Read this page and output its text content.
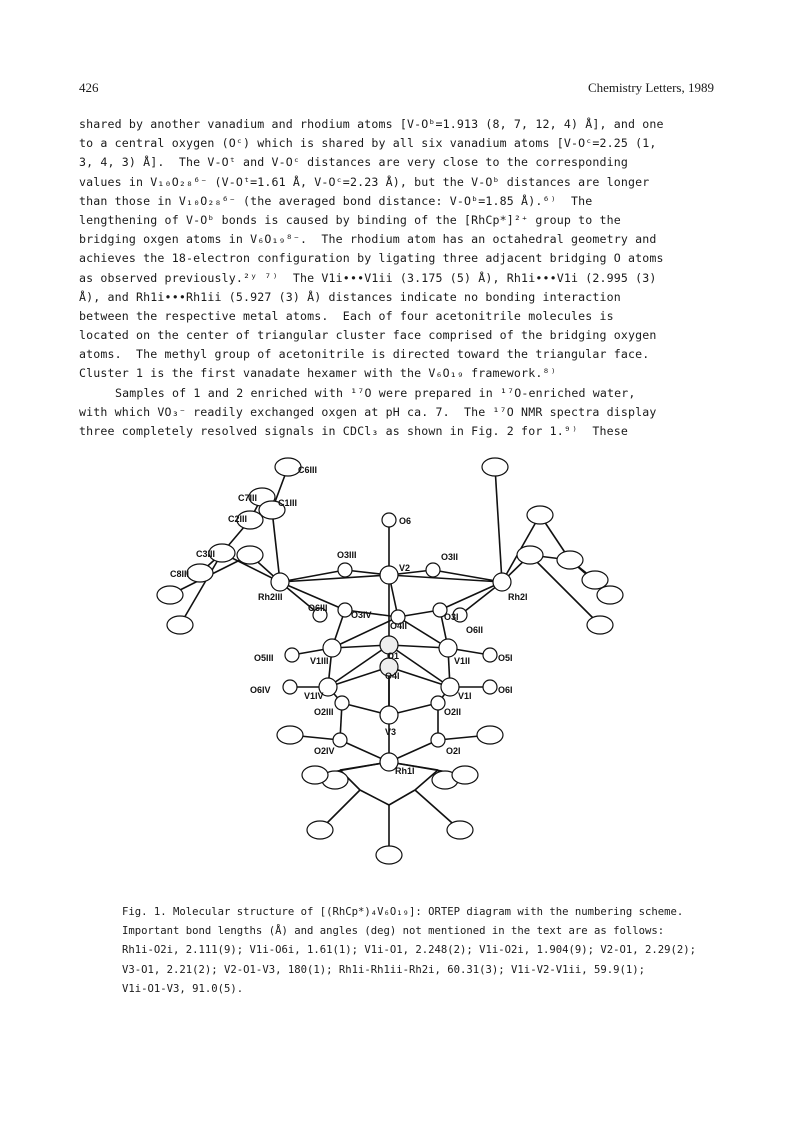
426	Chemistry Letters, 1989
shared by another vanadium and rhodium atoms [V-Oᵇ=1.913 (8, 7, 12, 4) Å], and one
to a central oxygen (Oᶜ) which is shared by all six vanadium atoms [V-Oᶜ=2.25 (1,
3, 4, 3) Å].  The V-Oᵗ and V-Oᶜ distances are very close to the corresponding
values in V₁₀O₂₈⁶⁻ (V-Oᵗ=1.61 Å, V-Oᶜ=2.23 Å), but the V-Oᵇ distances are longer
than those in V₁₀O₂₈⁶⁻ (the averaged bond distance: V-Oᵇ=1.85 Å).⁶⁾  The
lengthening of V-Oᵇ bonds is caused by binding of the [RhCp*]²⁺ group to the
bridging oxgen atoms in V₆O₁₉⁸⁻.  The rhodium atom has an octahedral geometry and
achieves the 18-electron configuration by ligating three adjacent bridging O atoms
as observed previously.²ʸ ⁷⁾  The V1i•••V1ii (3.175 (5) Å), Rh1i•••V1i (2.995 (3)
Å), and Rh1i•••Rh1ii (5.927 (3) Å) distances indicate no bonding interaction
between the respective metal atoms.  Each of four acetonitrile molecules is
located on the center of triangular cluster face comprised of the bridging oxygen
atoms.  The methyl group of acetonitrile is directed toward the triangular face.
Cluster 1 is the first vanadate hexamer with the V₆O₁₉ framework.⁸⁾
Samples of 1 and 2 enriched with ¹⁷O were prepared in ¹⁷O-enriched water,
with which VO₃⁻ readily exchanged oxgen at pH ca. 7.  The ¹⁷O NMR spectra display
three completely resolved signals in CDCl₃ as shown in Fig. 2 for 1.⁹⁾  These
C6III
C7III C1III
C2III
C3III
C8III
O6
V2
O3III	O3II
Rh2III	Rh2I
O6III
O3IV
O4II
O3I
O6II
V1III	O1	V1II
O5III	O5I
O4I
O6IV
V1IV	V1I
O6I
O2III	O2II
V3
O2IV	O2I
Rh1I
Fig. 1. Molecular structure of [(RhCp*)₄V₆O₁₉]: ORTEP diagram with the numbering scheme.
Important bond lengths (Å) and angles (deg) not mentioned in the text are as follows:
Rh1i-O2i, 2.111(9); V1i-O6i, 1.61(1); V1i-O1, 2.248(2); V1i-O2i, 1.904(9); V2-O1, 2.29(2);
V3-O1, 2.21(2); V2-O1-V3, 180(1); Rh1i-Rh1ii-Rh2i, 60.31(3); V1i-V2-V1ii, 59.9(1);
V1i-O1-V3, 91.0(5).
